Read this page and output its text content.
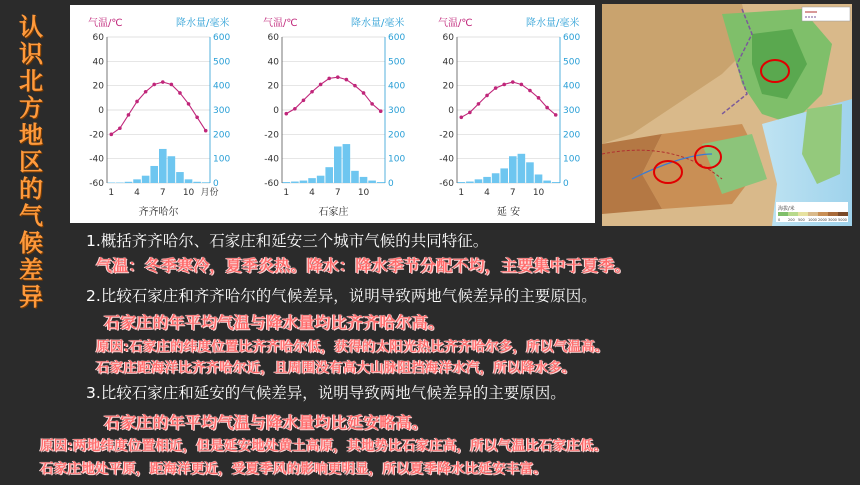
认
识
北
方
地
区
的
气
候
差
异
气温/℃	降水量/毫米
60	600
40	500
20	400
0	300
-20	200
-40	100
-60	0
1 4 7 10 月份
齐齐哈尔
气温/℃	降水量/毫米
60	600
40	500
20	400
0	300
-20	200
-40	100
-60	0
1 4 7 10
石家庄
气温/℃	降水量/毫米
60	600
40	500
20	400
0	300
-20	200
-40	100
-60	0
1 4 7 10
延 安	海拔/米
0 200 500 1000 2000 3000 5000
1.概括齐齐哈尔、石家庄和延安三个城市气候的共同特征。
气温：冬季寒冷，夏季炎热。降水：降水季节分配不均，主要集中于夏季。
2.比较石家庄和齐齐哈尔的气候差异，说明导致两地气候差异的主要原因。
石家庄的年平均气温与降水量均比齐齐哈尔高。
原因:石家庄的纬度位置比齐齐哈尔低，获得的太阳光热比齐齐哈尔多，所以气温高。
石家庄距海洋比齐齐哈尔近，且周围没有高大山脉阻挡海洋水汽，所以降水多。
3.比较石家庄和延安的气候差异，说明导致两地气候差异的主要原因。
石家庄的年平均气温与降水量均比延安略高。
原因:两地纬度位置相近，但是延安地处黄土高原，其地势比石家庄高，所以气温比石家庄低。
石家庄地处平原，距海洋更近，受夏季风的影响更明显，所以夏季降水比延安丰富。
